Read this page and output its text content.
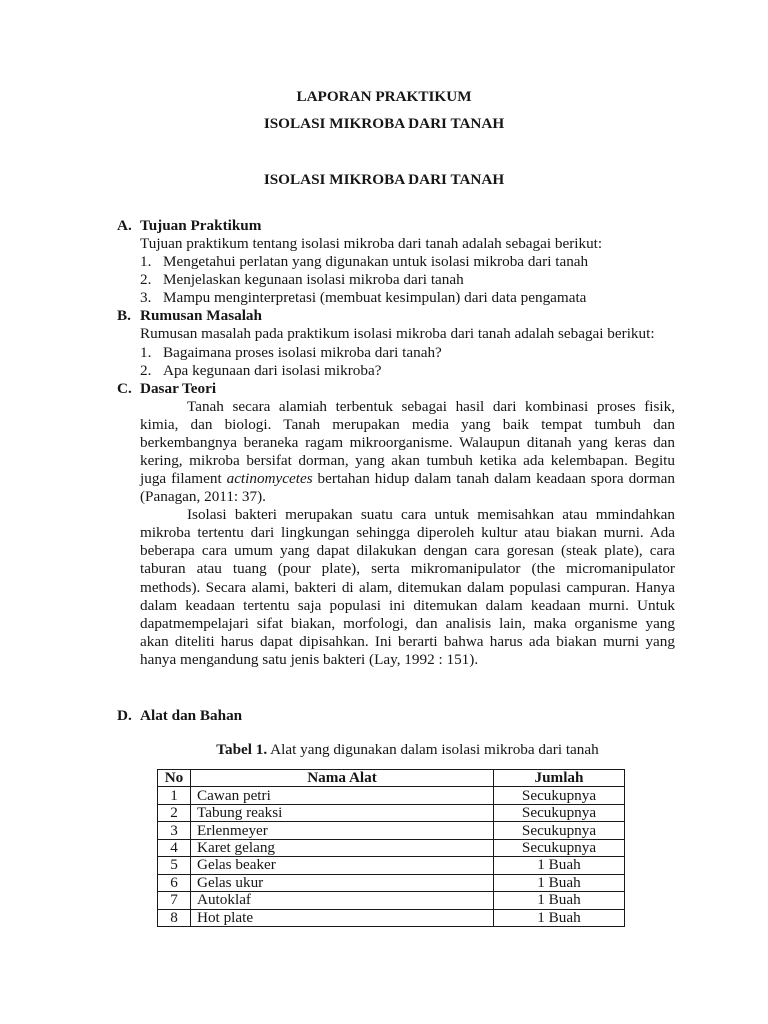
LAPORAN PRAKTIKUM
ISOLASI MIKROBA DARI TANAH
ISOLASI MIKROBA DARI TANAH
A. Tujuan Praktikum
Tujuan praktikum tentang isolasi mikroba dari tanah adalah sebagai berikut:
1. Mengetahui perlatan yang digunakan untuk isolasi mikroba dari tanah
2. Menjelaskan kegunaan isolasi mikroba dari tanah
3. Mampu menginterpretasi (membuat kesimpulan) dari data pengamata
B. Rumusan Masalah
Rumusan masalah pada praktikum isolasi mikroba dari tanah adalah sebagai berikut:
1. Bagaimana proses isolasi mikroba dari tanah?
2. Apa kegunaan dari isolasi mikroba?
C. Dasar Teori
Tanah secara alamiah terbentuk sebagai hasil dari kombinasi proses fisik,
kimia, dan biologi. Tanah merupakan media yang baik tempat tumbuh dan
berkembangnya beraneka ragam mikroorganisme. Walaupun ditanah yang keras dan
kering, mikroba bersifat dorman, yang akan tumbuh ketika ada kelembapan. Begitu
juga filament actinomycetes bertahan hidup dalam tanah dalam keadaan spora dorman
(Panagan, 2011: 37).
Isolasi bakteri merupakan suatu cara untuk memisahkan atau mmindahkan
mikroba tertentu dari lingkungan sehingga diperoleh kultur atau biakan murni. Ada
beberapa cara umum yang dapat dilakukan dengan cara goresan (steak plate), cara
taburan atau tuang (pour plate), serta mikromanipulator (the micromanipulator
methods). Secara alami, bakteri di alam, ditemukan dalam populasi campuran. Hanya
dalam keadaan tertentu saja populasi ini ditemukan dalam keadaan murni. Untuk
dapatmempelajari sifat biakan, morfologi, dan analisis lain, maka organisme yang
akan diteliti harus dapat dipisahkan. Ini berarti bahwa harus ada biakan murni yang
hanya mengandung satu jenis bakteri (Lay, 1992 : 151).
D. Alat dan Bahan
Tabel 1. Alat yang digunakan dalam isolasi mikroba dari tanah
No	Nama Alat	Jumlah
1	Cawan petri	Secukupnya
2	Tabung reaksi	Secukupnya
3	Erlenmeyer	Secukupnya
4	Karet gelang	Secukupnya
5	Gelas beaker	1 Buah
6	Gelas ukur	1 Buah
7	Autoklaf	1 Buah
8	Hot plate	1 Buah
